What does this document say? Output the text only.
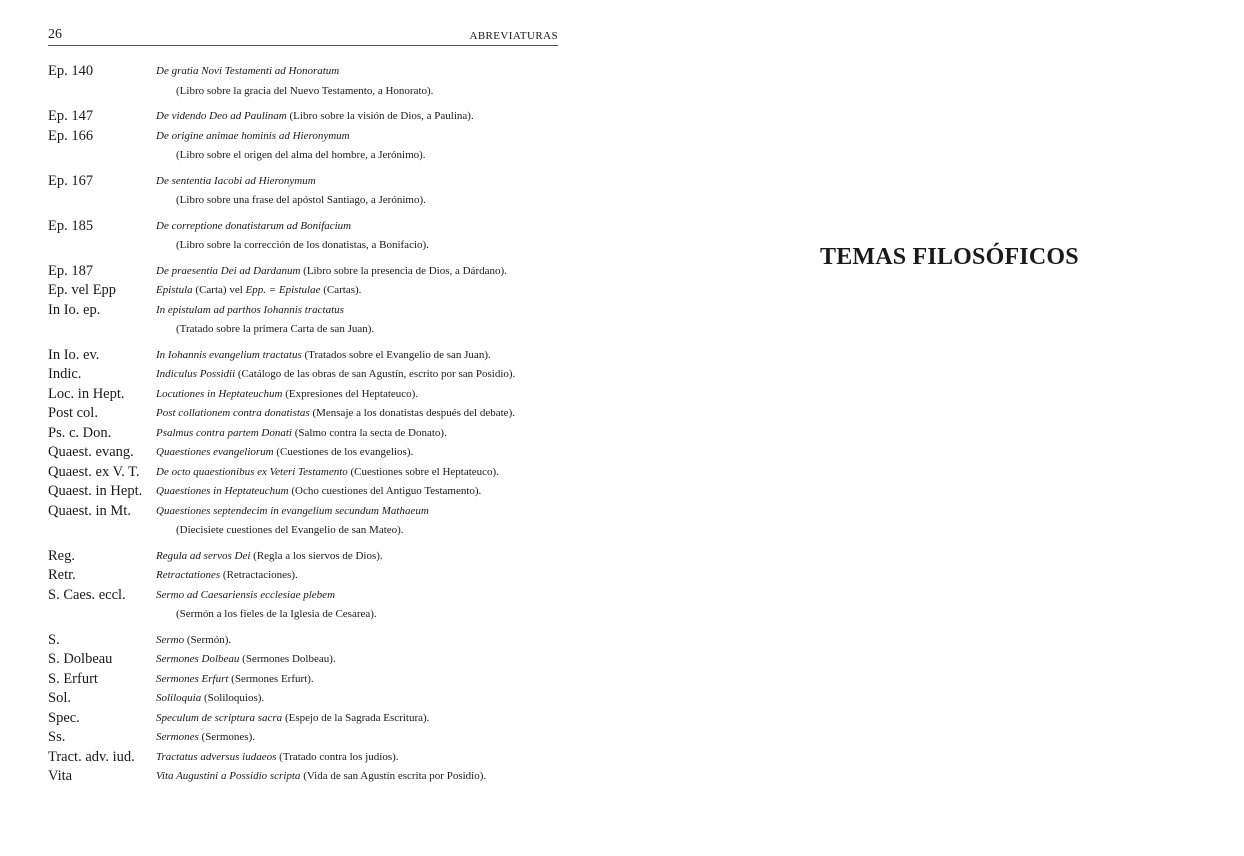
26	ABREVIATURAS
Ep. 140	De gratia Novi Testamenti ad Honoratum
(Libro sobre la gracia del Nuevo Testamento, a Honorato).
Ep. 147	De videndo Deo ad Paulinam (Libro sobre la visión de Dios, a Paulina).
Ep. 166	De origine animae hominis ad Hieronymum
(Libro sobre el origen del alma del hombre, a Jerónimo).
Ep. 167	De sententia Iacobi ad Hieronymum
(Libro sobre una frase del apóstol Santiago, a Jerónimo).
Ep. 185	De correptione donatistarum ad Bonifacium
(Libro sobre la corrección de los donatistas, a Bonifacio).
Ep. 187	De praesentia Dei ad Dardanum (Libro sobre la presencia de Dios, a Dárdano).
Ep. vel Epp	Epistula (Carta) vel Epp. = Epistulae (Cartas).
In Io. ep.	In epistulam ad parthos Iohannis tractatus
(Tratado sobre la primera Carta de san Juan).
In Io. ev.	In Iohannis evangelium tractatus (Tratados sobre el Evangelio de san Juan).
Indic.	Indiculus Possidii (Catálogo de las obras de san Agustín, escrito por san Posidio).
Loc. in Hept.	Locutiones in Heptateuchum (Expresiones del Heptateuco).
Post col.	Post collationem contra donatistas (Mensaje a los donatistas después del debate).
Ps. c. Don.	Psalmus contra partem Donati (Salmo contra la secta de Donato).
Quaest. evang.	Quaestiones evangeliorum (Cuestiones de los evangelios).
Quaest. ex V. T.	De octo quaestionibus ex Veteri Testamento (Cuestiones sobre el Heptateuco).
Quaest. in Hept.	Quaestiones in Heptateuchum (Ocho cuestiones del Antiguo Testamento).
Quaest. in Mt.	Quaestiones septendecim in evangelium secundum Mathaeum
(Diecisiete cuestiones del Evangelio de san Mateo).
Reg.	Regula ad servos Dei (Regla a los siervos de Dios).
Retr.	Retractationes (Retractaciones).
S. Caes. eccl.	Sermo ad Caesariensis ecclesiae plebem
(Sermón a los fieles de la Iglesia de Cesarea).
S.	Sermo (Sermón).
S. Dolbeau	Sermones Dolbeau (Sermones Dolbeau).
S. Erfurt	Sermones Erfurt (Sermones Erfurt).
Sol.	Soliloquia (Soliloquios).
Spec.	Speculum de scriptura sacra (Espejo de la Sagrada Escritura).
Ss.	Sermones (Sermones).
Tract. adv. iud.	Tractatus adversus iudaeos (Tratado contra los judíos).
Vita	Vita Augustini a Possidio scripta (Vida de san Agustín escrita por Posidio).
TEMAS FILOSÓFICOS
